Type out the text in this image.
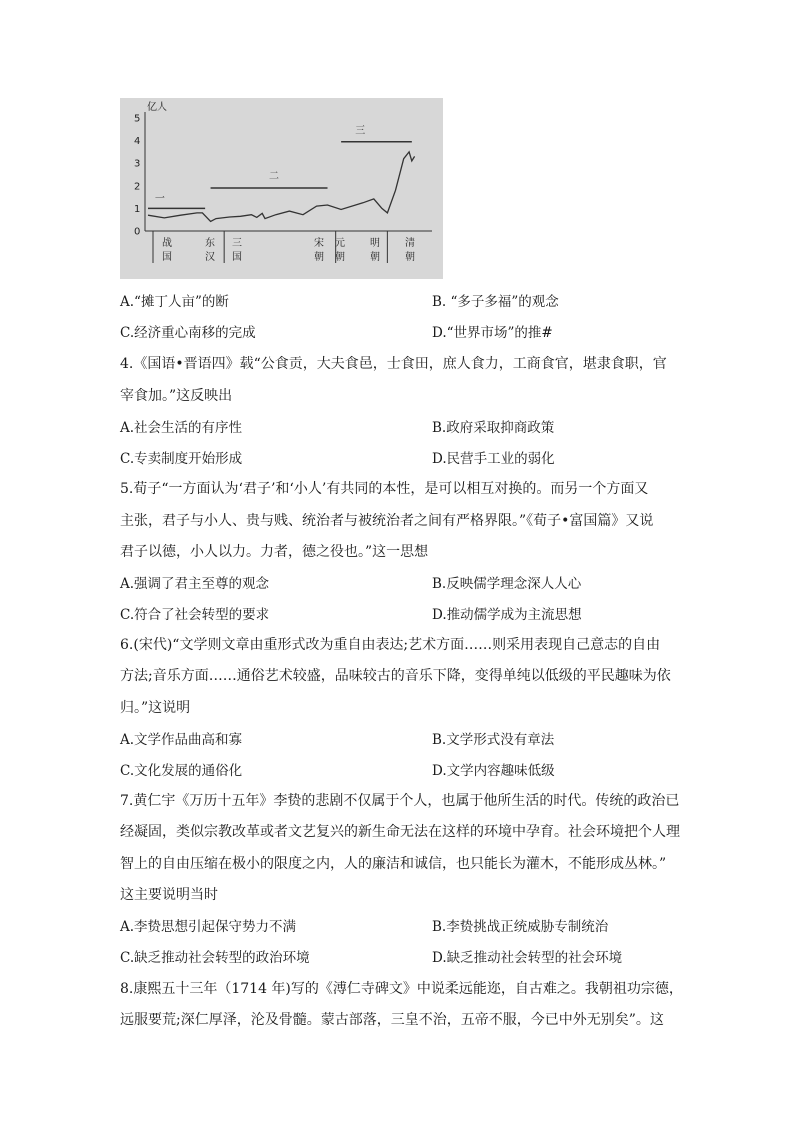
亿人
0
1
2
3
4
5
一
二
三
战
国
东
汉
三
国
宋
朝
元
朝
明
朝
清
朝
A.“摊丁人亩”的断	B. “多子多福”的观念
C.经济重心南移的完成	D.“世界市场”的推#
4.《国语•晋语四》载“公食贡，大夫食邑，士食田，庶人食力，工商食官，堪隶食职，官
宰食加。”这反映出
A.社会生活的有序性	B.政府采取抑商政策
C.专卖制度开始形成	D.民营手工业的弱化
5.荀子“一方面认为‘君子’和‘小人’有共同的本性，是可以相互对换的。而另一个方面又
主张，君子与小人、贵与贱、统治者与被统治者之间有严格界限。”《荀子•富国篇》又说
君子以德，小人以力。力者，德之役也。”这一思想
A.强调了君主至尊的观念	B.反映儒学理念深人人心
C.符合了社会转型的要求	D.推动儒学成为主流思想
6.(宋代)“文学则文章由重形式改为重自由表达;艺术方面……则采用表现自己意志的自由
方法;音乐方面……通俗艺术较盛，品味较古的音乐下降，变得单纯以低级的平民趣味为依
归。”这说明
A.文学作品曲高和寡	B.文学形式没有章法
C.文化发展的通俗化	D.文学内容趣味低级
7.黄仁宇《万历十五年》李贽的悲剧不仅属于个人，也属于他所生活的时代。传统的政治已
经凝固，类似宗教改革或者文艺复兴的新生命无法在这样的环境中孕育。社会环境把个人理
智上的自由压缩在极小的限度之内，人的廉洁和诚信，也只能长为灌木，不能形成丛林。”
这主要说明当时
A.李贽思想引起保守势力不满	B.李贽挑战正统威胁专制统治
C.缺乏推动社会转型的政治环境	D.缺乏推动社会转型的社会环境
8.康熙五十三年（1714 年)写的《溥仁寺碑文》中说柔远能迩，自古难之。我朝祖功宗德，
远服要荒;深仁厚泽，沦及骨髓。蒙古部落，三皇不治，五帝不服，今已中外无别矣”。这
